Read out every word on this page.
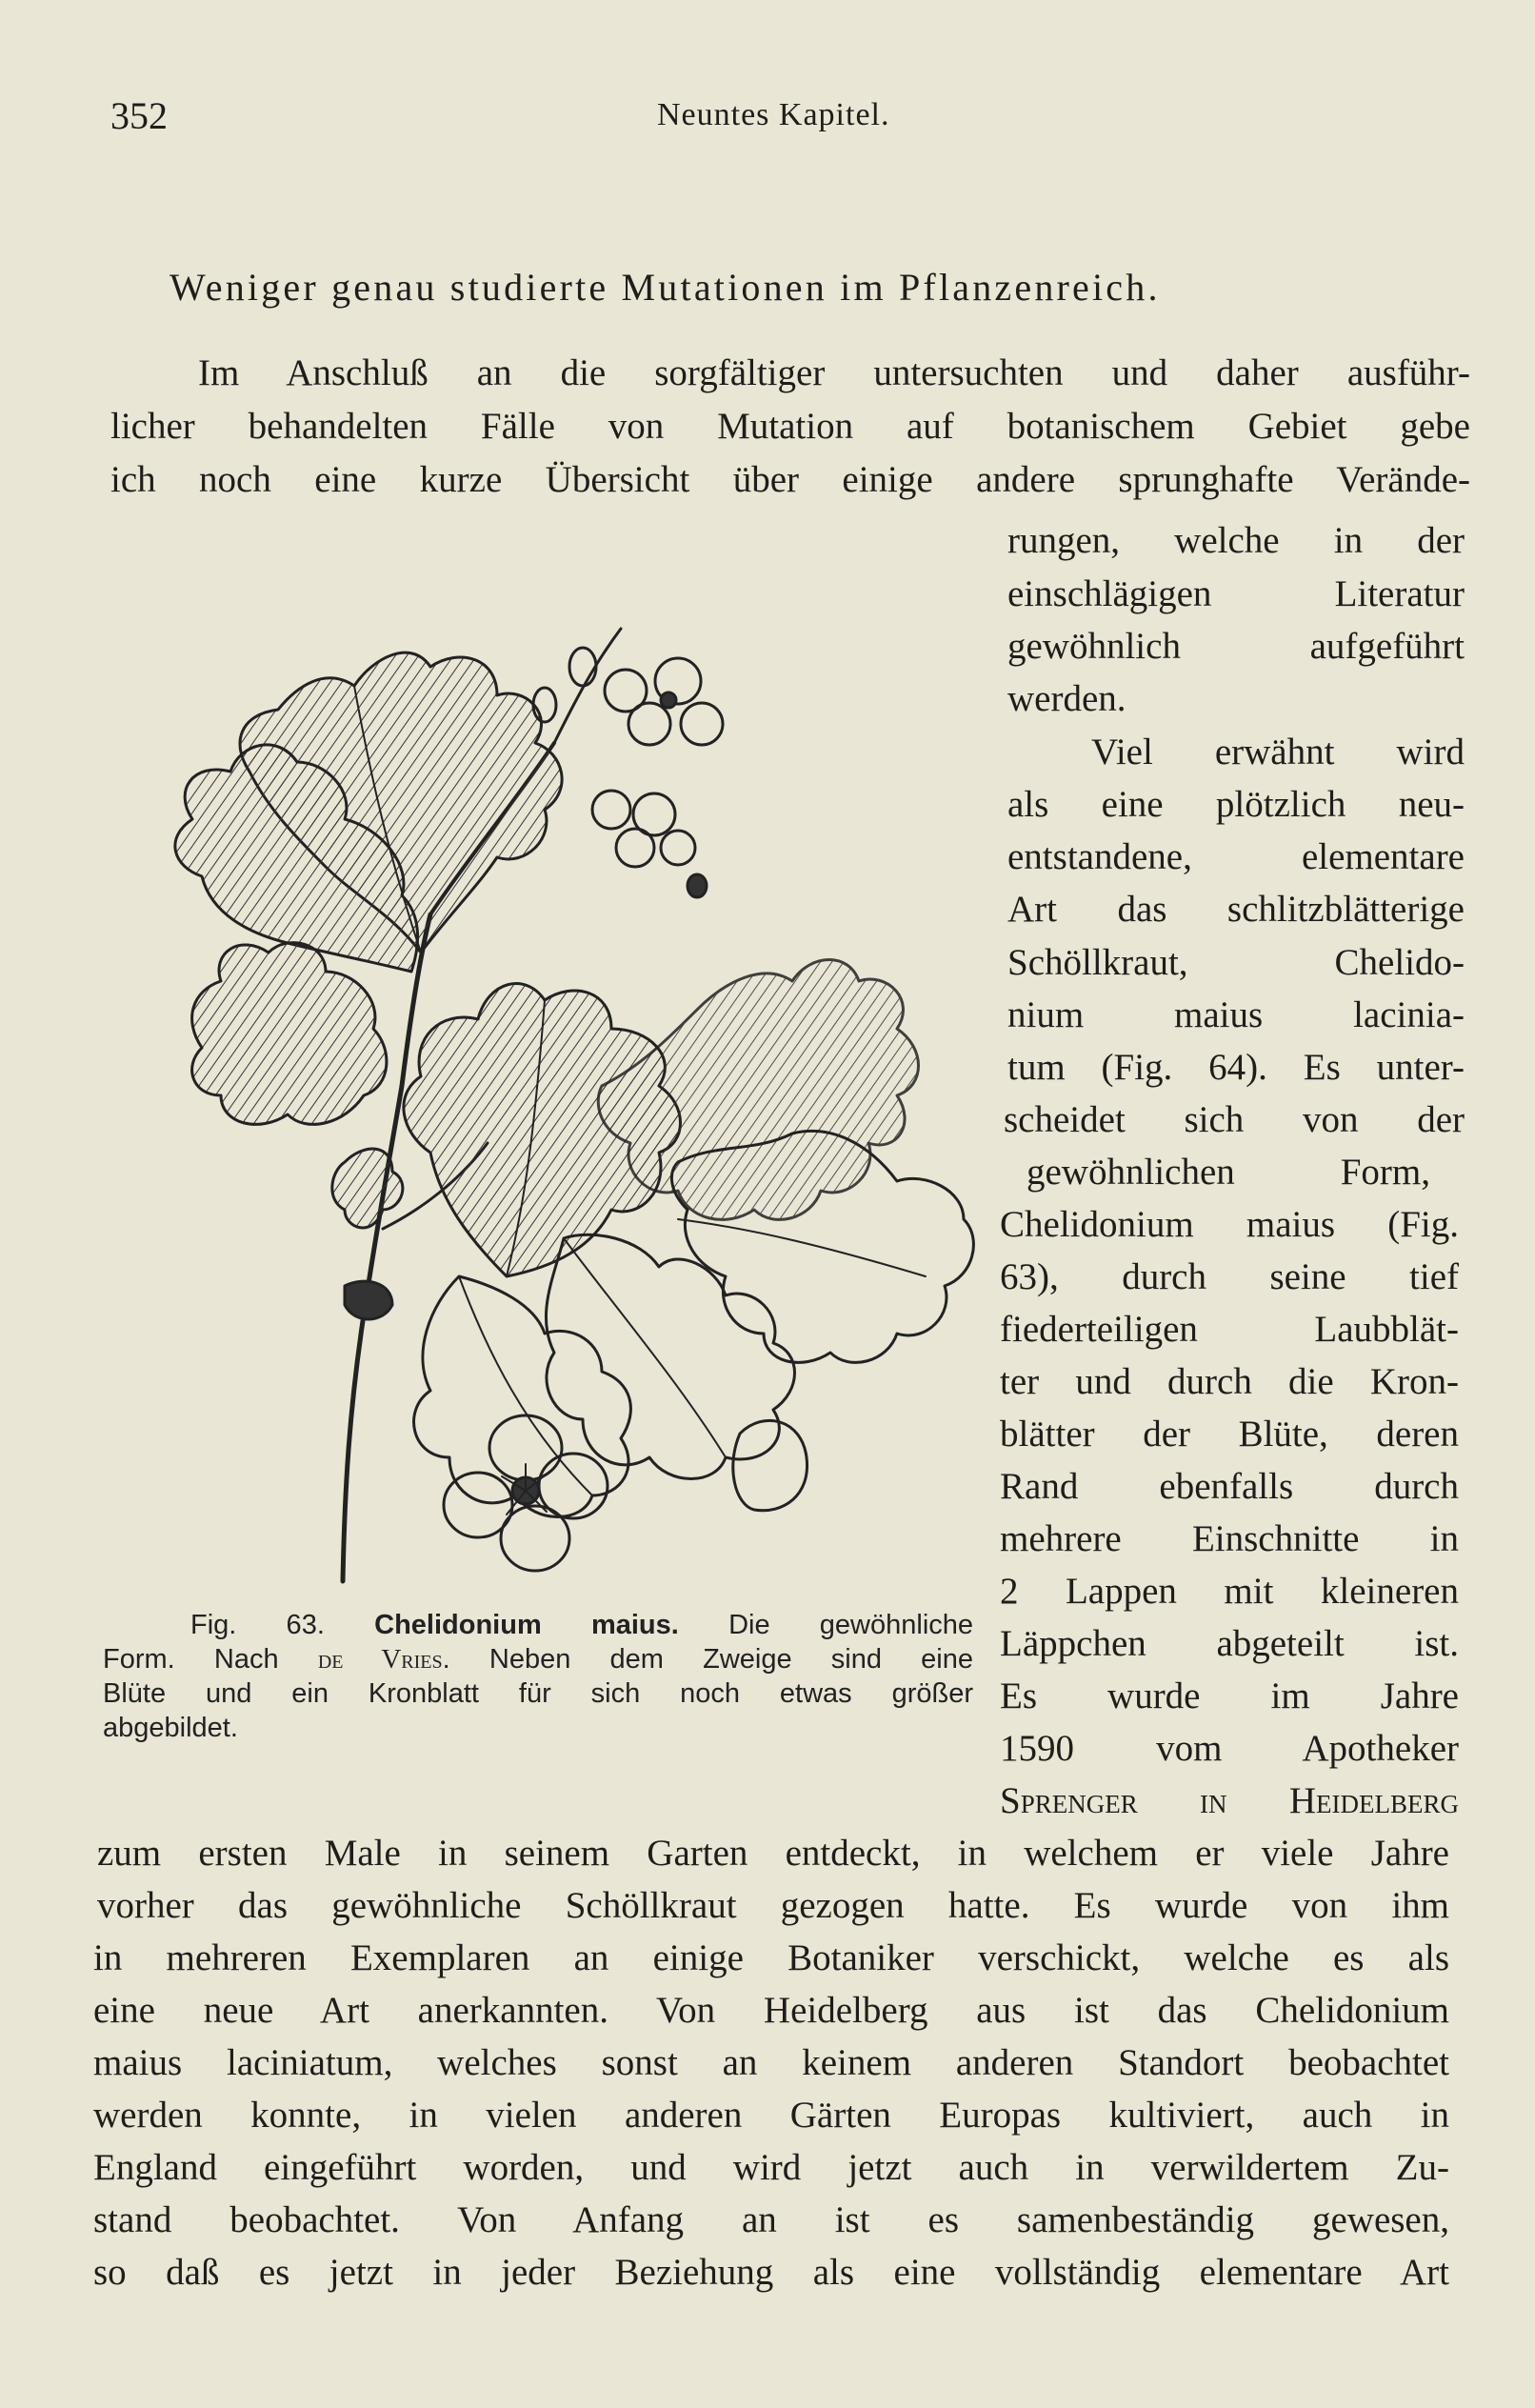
352	Neuntes Kapitel.
Weniger genau studierte Mutationen im Pflanzenreich.
Im Anschluß an die sorgfältiger untersuchten und daher ausführ-
licher behandelten Fälle von Mutation auf botanischem Gebiet gebe
ich noch eine kurze Übersicht über einige andere sprunghafte Verände-
rungen, welche in der
einschlägigen Literatur
gewöhnlich aufgeführt
werden.
Viel erwähnt wird
als eine plötzlich neu-
entstandene, elementare
Art das schlitzblätterige
Schöllkraut, Chelido-
nium maius lacinia-
tum (Fig. 64). Es unter-
scheidet sich von der
gewöhnlichen Form,
Chelidonium maius (Fig.
63), durch seine tief
fiederteiligen Laubblät-
ter und durch die Kron-
blätter der Blüte, deren
Rand ebenfalls durch
mehrere Einschnitte in
2 Lappen mit kleineren
Läppchen abgeteilt ist.
Es wurde im Jahre
1590 vom Apotheker
Sprenger in Heidelberg
zum ersten Male in seinem Garten entdeckt, in welchem er viele Jahre
vorher das gewöhnliche Schöllkraut gezogen hatte. Es wurde von ihm
in mehreren Exemplaren an einige Botaniker verschickt, welche es als
eine neue Art anerkannten. Von Heidelberg aus ist das Chelidonium
maius laciniatum, welches sonst an keinem anderen Standort beobachtet
werden konnte, in vielen anderen Gärten Europas kultiviert, auch in
England eingeführt worden, und wird jetzt auch in verwildertem Zu-
stand beobachtet. Von Anfang an ist es samenbeständig gewesen,
so daß es jetzt in jeder Beziehung als eine vollständig elementare Art
Fig. 63. Chelidonium maius. Die gewöhnliche
Form. Nach de Vries. Neben dem Zweige sind eine
Blüte und ein Kronblatt für sich noch etwas größer
abgebildet.
